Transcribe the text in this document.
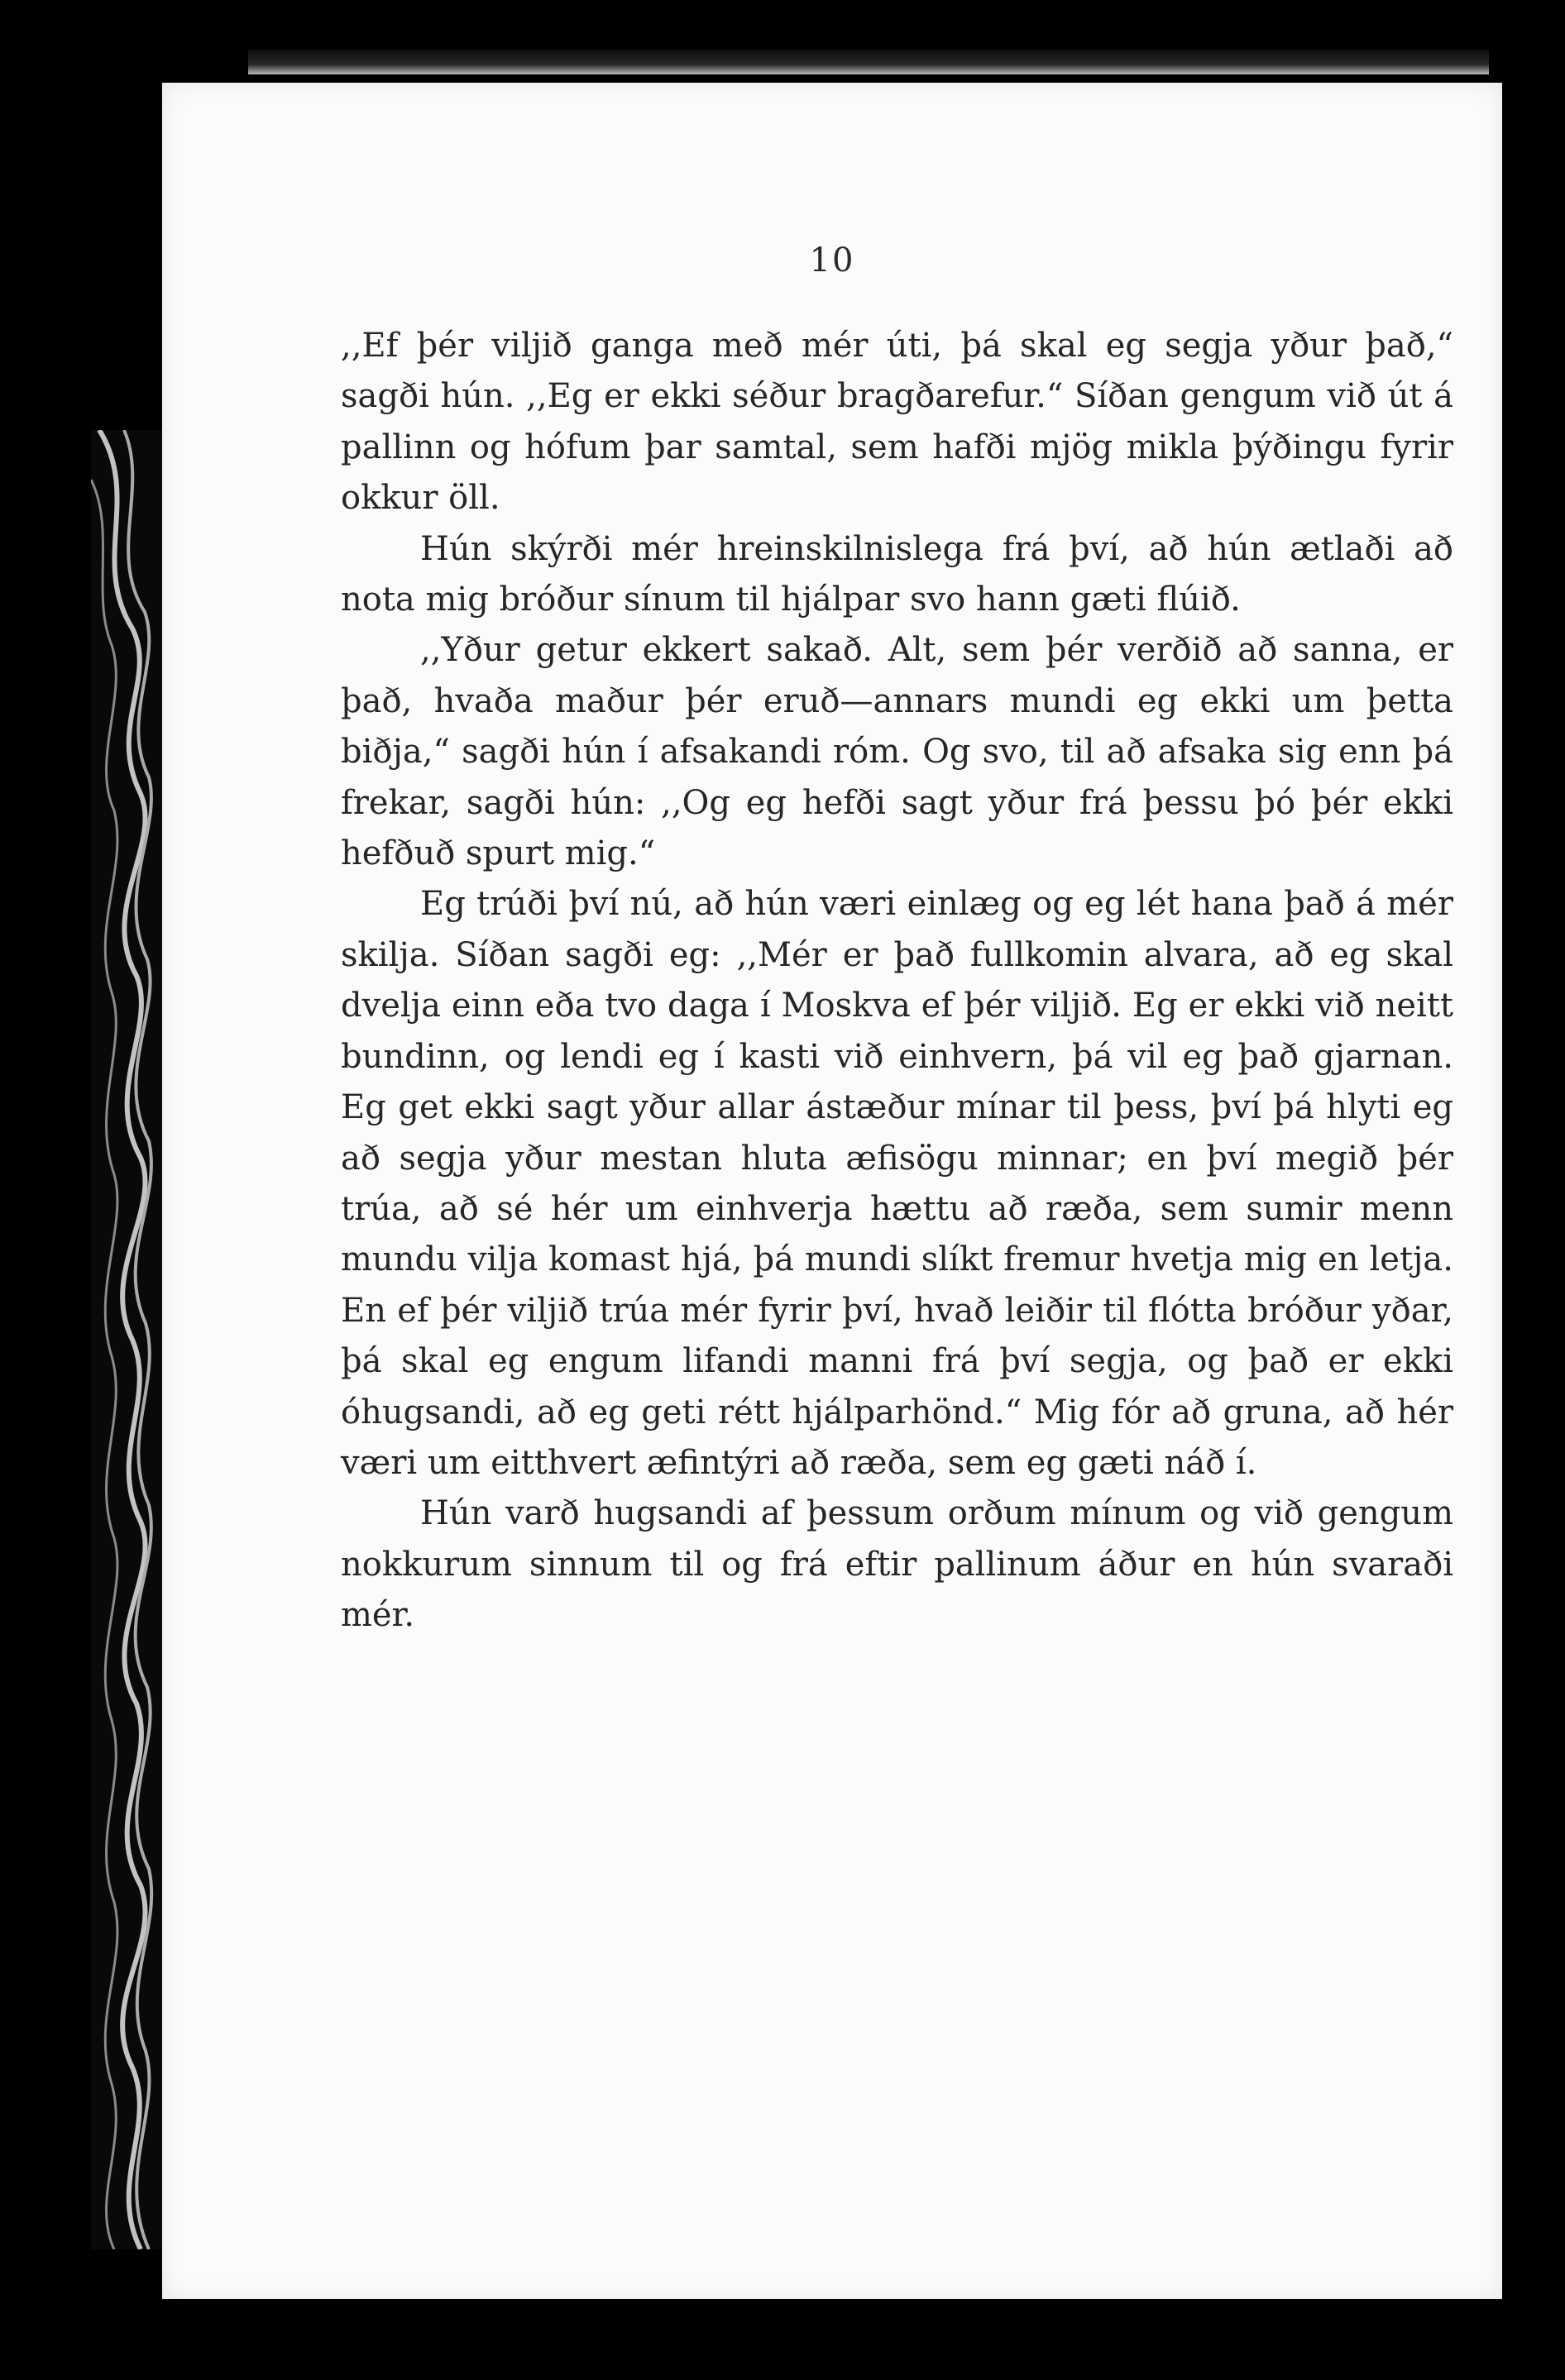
10

,,Ef þér viljið ganga með mér úti, þá skal eg segja yður það,“ sagði hún. ,,Eg er ekki séður bragðarefur.“ Síðan gengum við út á pallinn og hófum þar samtal, sem hafði mjög mikla þýðingu fyrir okkur öll.

Hún skýrði mér hreinskilnislega frá því, að hún ætlaði að nota mig bróður sínum til hjálpar svo hann gæti flúið.

,,Yður getur ekkert sakað. Alt, sem þér verðið að sanna, er það, hvaða maður þér eruð—annars mundi eg ekki um þetta biðja,“ sagði hún í afsakandi róm. Og svo, til að afsaka sig enn þá frekar, sagði hún: ,,Og eg hefði sagt yður frá þessu þó þér ekki hefðuð spurt mig.“

Eg trúði því nú, að hún væri einlæg og eg lét hana það á mér skilja. Síðan sagði eg: ,,Mér er það fullkomin alvara, að eg skal dvelja einn eða tvo daga í Moskva ef þér viljið. Eg er ekki við neitt bundinn, og lendi eg í kasti við einhvern, þá vil eg það gjarnan. Eg get ekki sagt yður allar ástæður mínar til þess, því þá hlyti eg að segja yður mestan hluta æfisögu minnar; en því megið þér trúa, að sé hér um einhverja hættu að ræða, sem sumir menn mundu vilja komast hjá, þá mundi slíkt fremur hvetja mig en letja. En ef þér viljið trúa mér fyrir því, hvað leiðir til flótta bróður yðar, þá skal eg engum lifandi manni frá því segja, og það er ekki óhugsandi, að eg geti rétt hjálparhönd.“ Mig fór að gruna, að hér væri um eitthvert æfintýri að ræða, sem eg gæti náð í.

Hún varð hugsandi af þessum orðum mínum og við gengum nokkurum sinnum til og frá eftir pallinum áður en hún svaraði mér.
